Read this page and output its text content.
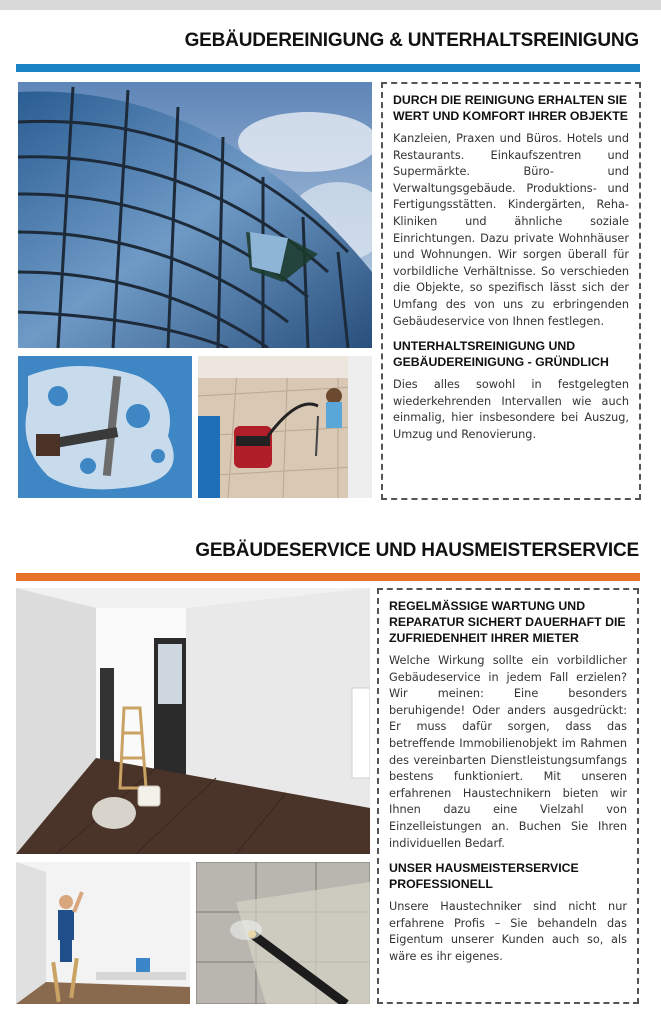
GEBÄUDEREINIGUNG & UNTERHALTSREINIGUNG
DURCH DIE REINIGUNG ERHALTEN SIE WERT UND KOMFORT IHRER OBJEKTE

Kanzleien, Praxen und Büros. Hotels und Restaurants. Einkaufszentren und Supermärkte. Büro- und Verwaltungsgebäude. Produktions- und Fertigungsstätten. Kindergärten, Reha- Kliniken und ähnliche soziale Einrichtungen. Dazu private Wohnhäuser und Wohnungen. Wir sorgen überall für vorbildliche Verhältnisse. So verschieden die Objekte, so spezifisch lässt sich der Umfang des von uns zu erbringenden Gebäudeservice von Ihnen festlegen.

UNTERHALTSREINIGUNG UND GEBÄUDEREINIGUNG - GRÜNDLICH

Dies alles sowohl in festgelegten wiederkehrenden Intervallen wie auch einmalig, hier insbesondere bei Auszug, Umzug und Renovierung.

GEBÄUDESERVICE UND HAUSMEISTERSERVICE
REGELMÄSSIGE WARTUNG UND REPARATUR SICHERT DAUERHAFT DIE ZUFRIEDENHEIT IHRER MIETER

Welche Wirkung sollte ein vorbildlicher Gebäudeservice in jedem Fall erzielen? Wir meinen: Eine besonders beruhigende! Oder anders ausgedrückt: Er muss dafür sorgen, dass das betreffende Immobilienobjekt im Rahmen des vereinbarten Dienstleistungsumfangs bestens funktioniert. Mit unseren erfahrenen Haustechnikern bieten wir Ihnen dazu eine Vielzahl von Einzelleistungen an. Buchen Sie Ihren individuellen Bedarf.

UNSER HAUSMEISTERSERVICE PROFESSIONELL

Unsere Haustechniker sind nicht nur erfahrene Profis – Sie behandeln das Eigentum unserer Kunden auch so, als wäre es ihr eigenes.
